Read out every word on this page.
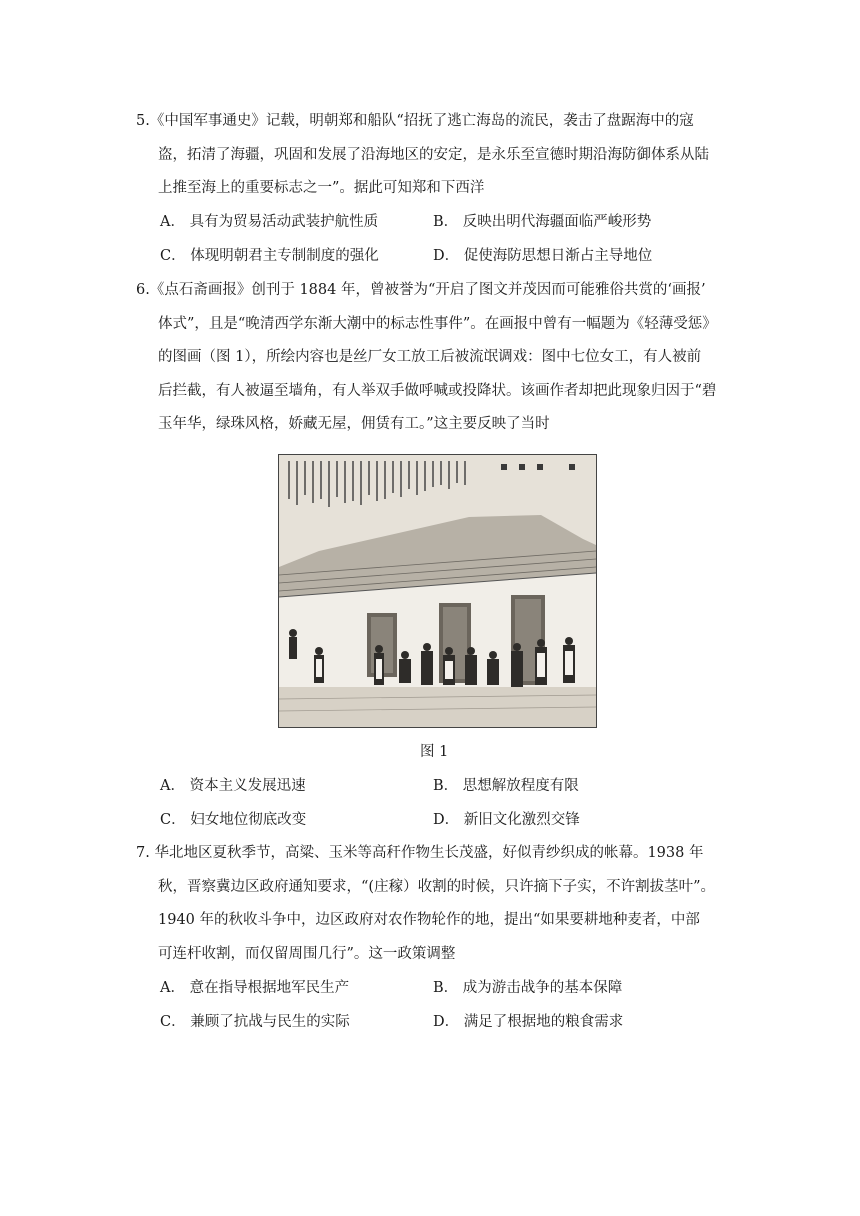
5.《中国军事通史》记载，明朝郑和船队“招抚了逃亡海岛的流民，袭击了盘踞海中的寇
盗，拓清了海疆，巩固和发展了沿海地区的安定，是永乐至宣德时期沿海防御体系从陆
上推至海上的重要标志之一”。据此可知郑和下西洋
A． 具有为贸易活动武装护航性质	B． 反映出明代海疆面临严峻形势
C． 体现明朝君主专制制度的强化	D． 促使海防思想日渐占主导地位
6.《点石斋画报》创刊于 1884 年，曾被誉为“开启了图文并茂因而可能雅俗共赏的‘画报’
体式”，且是“晚清西学东渐大潮中的标志性事件”。在画报中曾有一幅题为《轻薄受惩》
的图画（图 1），所绘内容也是丝厂女工放工后被流氓调戏：图中七位女工，有人被前
后拦截，有人被逼至墙角，有人举双手做呼喊或投降状。该画作者却把此现象归因于“碧
玉年华，绿珠风格，娇藏无屋，佣赁有工。”这主要反映了当时
图 1
A． 资本主义发展迅速	B． 思想解放程度有限
C． 妇女地位彻底改变	D． 新旧文化激烈交锋
7. 华北地区夏秋季节，高粱、玉米等高秆作物生长茂盛，好似青纱织成的帐幕。1938 年
秋，晋察冀边区政府通知要求，“(庄稼）收割的时候，只许摘下子实，不许割拔茎叶”。
1940 年的秋收斗争中，边区政府对农作物轮作的地，提出“如果要耕地种麦者，中部
可连杆收割，而仅留周围几行”。这一政策调整
A． 意在指导根据地军民生产	B． 成为游击战争的基本保障
C． 兼顾了抗战与民生的实际	D． 满足了根据地的粮食需求
